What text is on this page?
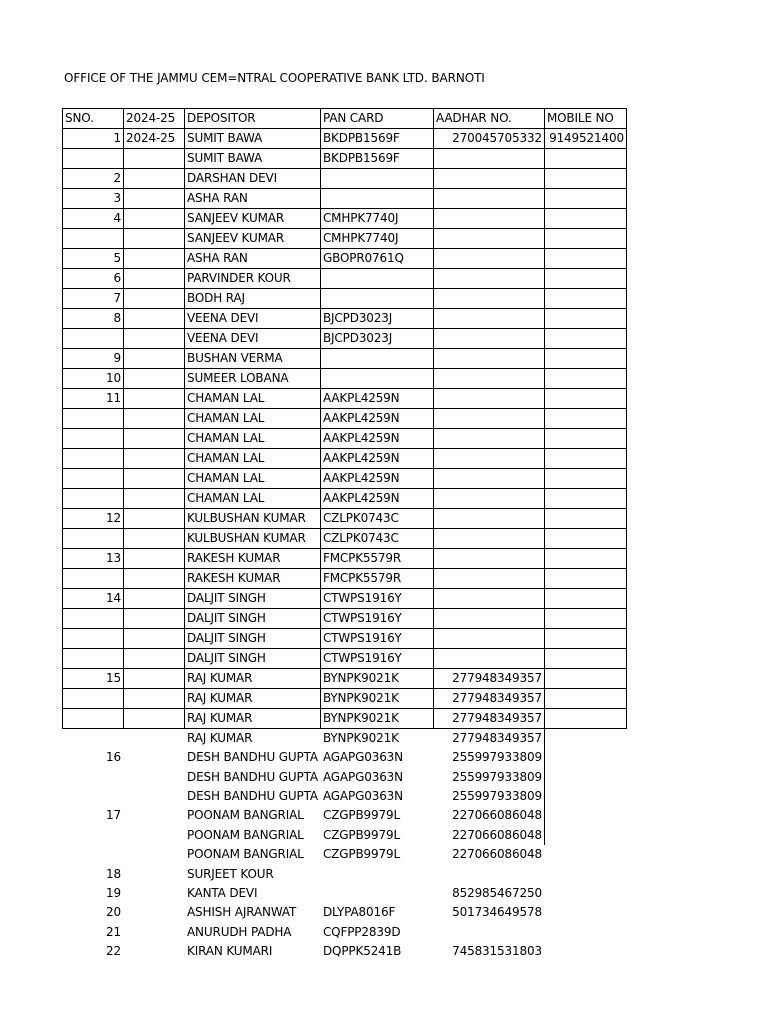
OFFICE OF THE JAMMU CEM=NTRAL COOPERATIVE BANK LTD. BARNOTI
SNO.	2024-25	DEPOSITOR	PAN CARD	AADHAR NO.	MOBILE NO
1	2024-25	SUMIT BAWA	BKDPB1569F	270045705332	9149521400
		SUMIT BAWA	BKDPB1569F		
2		DARSHAN DEVI			
3		ASHA RAN			
4		SANJEEV KUMAR	CMHPK7740J		
		SANJEEV KUMAR	CMHPK7740J		
5		ASHA RAN	GBOPR0761Q		
6		PARVINDER KOUR			
7		BODH RAJ			
8		VEENA DEVI	BJCPD3023J		
		VEENA DEVI	BJCPD3023J		
9		BUSHAN VERMA			
10		SUMEER LOBANA			
11		CHAMAN LAL	AAKPL4259N		
		CHAMAN LAL	AAKPL4259N		
		CHAMAN LAL	AAKPL4259N		
		CHAMAN LAL	AAKPL4259N		
		CHAMAN LAL	AAKPL4259N		
		CHAMAN LAL	AAKPL4259N		
12		KULBUSHAN KUMAR	CZLPK0743C		
		KULBUSHAN KUMAR	CZLPK0743C		
13		RAKESH KUMAR	FMCPK5579R		
		RAKESH KUMAR	FMCPK5579R		
14		DALJIT SINGH	CTWPS1916Y		
		DALJIT SINGH	CTWPS1916Y		
		DALJIT SINGH	CTWPS1916Y		
		DALJIT SINGH	CTWPS1916Y		
15		RAJ KUMAR	BYNPK9021K	277948349357	
		RAJ KUMAR	BYNPK9021K	277948349357	
		RAJ KUMAR	BYNPK9021K	277948349357	
		RAJ KUMAR	BYNPK9021K	277948349357	
16		DESH BANDHU GUPTA	AGAPG0363N	255997933809	
		DESH BANDHU GUPTA	AGAPG0363N	255997933809	
		DESH BANDHU GUPTA	AGAPG0363N	255997933809	
17		POONAM BANGRIAL	CZGPB9979L	227066086048	
		POONAM BANGRIAL	CZGPB9979L	227066086048	
		POONAM BANGRIAL	CZGPB9979L	227066086048	
18		SURJEET KOUR			
19		KANTA DEVI		852985467250	
20		ASHISH AJRANWAT	DLYPA8016F	501734649578	
21		ANURUDH PADHA	CQFPP2839D		
22		KIRAN KUMARI	DQPPK5241B	745831531803	
